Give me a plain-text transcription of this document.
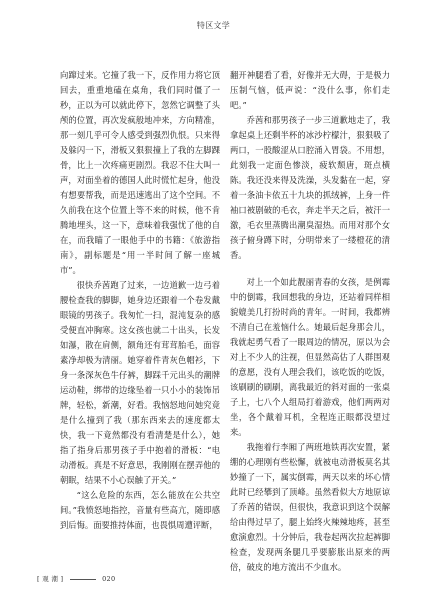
特区文学

向蹿过来。它撞了我一下，反作用力将它顶回去，重重地磕在桌角，我们同时僵了一秒，正以为可以就此停下，忽然它调整了头颅的位置，再次发疯般地冲来，方向精准，那一刻几乎可令人感受到强烈仇恨。只来得及躲闪一下，滑板又狠狠撞上了我的左脚踝骨，比上一次疼痛更剧烈。我忍不住大叫一声，对面坐着的德国人此时慌忙起身，他没有想要帮我，而是迅速逃出了这个空间。不久前我在这个位置上等不来的时候，他不肯腾地埋头，这一下，意味着我强忧了他的自在，而我瞄了一眼他手中的书籍：《旅游指南》，副标题是“用一半时间了解一座城市”。

很快乔茜跑了过来，一边道歉一边弓着腰检查我的脚脚，她身边还跟着一个卷发戴眼镜的男孩子。我匆忙一扫，混沌复杂的感受便直冲胸寒。这女孩也就二十出头，长发如瀑，散在肩侧，额角还有茸茸胎毛，面容素净却极为清丽。她穿着件青灰色帽衫，下身一条深灰色牛仔裤，脚踩千元出头的潮牌运动鞋，绑带的边缘坠着一只小小的装饰吊牌，轻松，新潮，好看。我恼怒地问她究竟是什么撞到了我（那东西来去的速度都太快，我一下竟然都没有看清楚是什么），她指了指身后那男孩子手中抱着的滑板：“电动滑板。真是不好意思，我刚刚在摆弄他的朝眠，结果不小心误触了开关。”

“这么危险的东西，怎么能放在公共空间。”我愤怒地指控，音量有些高亢，随即感到后悔。面要推持体面，也畏惧周遭评断，

翻开神腿看了看，好像并无大碍，于是极力压制气恼，低声说：“没什么事，你们走吧。”

乔茜和那男孩子一步三道歉地走了，我拿起桌上还剩半杯的冰沙柠檬汁，狠狠吸了两口，一股酸涩从口腔涌入胃袋。不用想，此刻我一定面色惨淡，疲软颓唐，斑点横陈。我还没来得及洗澡，头发黏在一起，穿着一条油卡依五十九块的抓绒裤，上身一件袖口被剧破的毛衣，奔走半天之后，被汗一激，毛衣里蒸腾出潮臭湿热。而用对那个女孩子俯身蹲下时，分明带来了一缕橙花的清香。

对上一个如此靓丽青春的女孩，是例霉中的倒霉，我回想我的身边，还站着同样相貌媲美几打扮时尚的青年。一时间，我都辨不清自己在羞恼什么。她最后起身那会儿，我就起勇气看了一眼周边的情况，原以为会对上不少人的注视，但显然高估了人群围观的意愿，没有人理会我们，该吃饭的吃饭，该刷刷的刷刷，离我最近的斜对面的一张桌子上，七八个人组局打着游戏，他们两两对坐，各个戴着耳机，全程连正眼都没望过来。

我拖着行李厢了两班地铁再次安置，紧绷的心理刚有些松懈，就被电动滑板莫名其妙撞了一下，属实倒霉，两天以来的坏心情此时已经攀到了顶峰。虽然看似大方地原谅了乔茜的错误，但很快，我意识到这个误解给由得过早了，腿上始终火辣辣地疼，甚至愈演愈烈。十分钟后，我卷起两次拉起裤脚检查，发现两条腿几乎要膨胀出原来的两倍，破皮的地方流出不少血水。

[ 观 潮 ]	020
